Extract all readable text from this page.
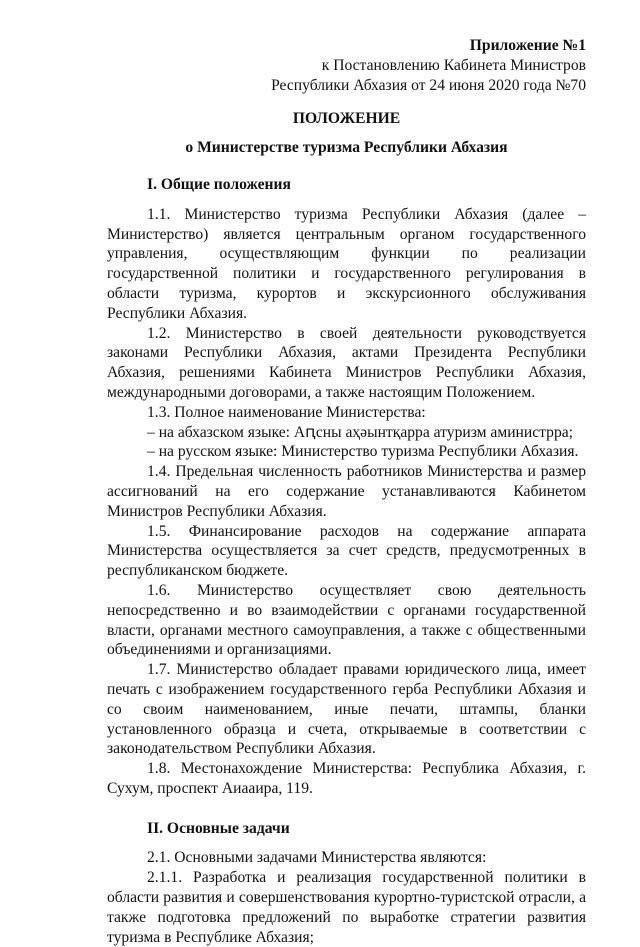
Приложение №1
к Постановлению Кабинета Министров
Республики Абхазия от 24 июня 2020 года №70
ПОЛОЖЕНИЕ
о Министерстве туризма Республики Абхазия
I. Общие положения

1.1. Министерство туризма Республики Абхазия (далее – Министерство) является центральным органом государственного управления, осуществляющим функции по реализации государственной политики и государственного регулирования в области туризма, курортов и экскурсионного обслуживания Республики Абхазия.

1.2. Министерство в своей деятельности руководствуется законами Республики Абхазия, актами Президента Республики Абхазия, решениями Кабинета Министров Республики Абхазия, международными договорами, а также настоящим Положением.

1.3. Полное наименование Министерства:

– на абхазском языке: Аԥсны аҳәынтқарра атуризм аминистрра;

– на русском языке: Министерство туризма Республики Абхазия.

1.4. Предельная численность работников Министерства и размер ассигнований на его содержание устанавливаются Кабинетом Министров Республики Абхазия.

1.5. Финансирование расходов на содержание аппарата Министерства осуществляется за счет средств, предусмотренных в республиканском бюджете.

1.6. Министерство осуществляет свою деятельность непосредственно и во взаимодействии с органами государственной власти, органами местного самоуправления, а также с общественными объединениями и организациями.

1.7. Министерство обладает правами юридического лица, имеет печать с изображением государственного герба Республики Абхазия и со своим наименованием, иные печати, штампы, бланки установленного образца и счета, открываемые в соответствии с законодательством Республики Абхазия.

1.8. Местонахождение Министерства: Республика Абхазия, г. Сухум, проспект Аиааира, 119.

II. Основные задачи

2.1. Основными задачами Министерства являются:

2.1.1. Разработка и реализация государственной политики в области развития и совершенствования курортно-туристской отрасли, а также подготовка предложений по выработке стратегии развития туризма в Республике Абхазия;
